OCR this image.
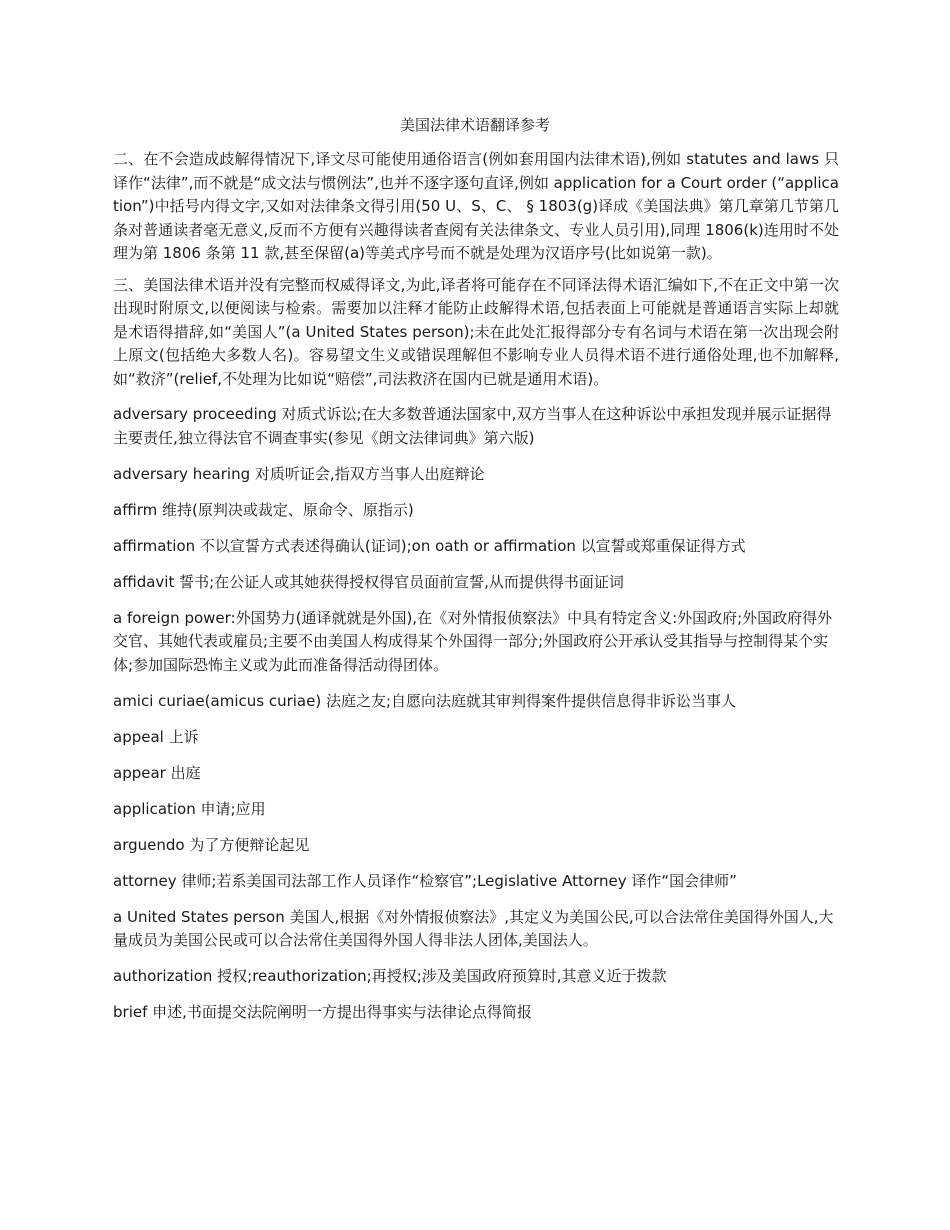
美国法律术语翻译参考

二、在不会造成歧解得情况下,译文尽可能使用通俗语言(例如套用国内法律术语),例如 statutes and laws 只译作“法律”,而不就是“成文法与惯例法”,也并不逐字逐句直译,例如 application for a Court order (“application”)中括号内得文字,又如对法律条文得引用(50 U、S、C、 § 1803(g)译成《美国法典》第几章第几节第几条对普通读者毫无意义,反而不方便有兴趣得读者查阅有关法律条文、专业人员引用),同理 1806(k)连用时不处理为第 1806 条第 11 款,甚至保留(a)等美式序号而不就是处理为汉语序号(比如说第一款)。

三、美国法律术语并没有完整而权威得译文,为此,译者将可能存在不同译法得术语汇编如下,不在正文中第一次出现时附原文,以便阅读与检索。需要加以注释才能防止歧解得术语,包括表面上可能就是普通语言实际上却就是术语得措辞,如“美国人”(a United States person);未在此处汇报得部分专有名词与术语在第一次出现会附上原文(包括绝大多数人名)。容易望文生义或错误理解但不影响专业人员得术语不进行通俗处理,也不加解释,如“救济”(relief,不处理为比如说“赔偿”,司法救济在国内已就是通用术语)。

adversary proceeding 对质式诉讼;在大多数普通法国家中,双方当事人在这种诉讼中承担发现并展示证据得主要责任,独立得法官不调查事实(参见《朗文法律词典》第六版)

adversary hearing 对质听证会,指双方当事人出庭辩论

affirm 维持(原判决或裁定、原命令、原指示)

affirmation 不以宣誓方式表述得确认(证词);on oath or affirmation 以宣誓或郑重保证得方式

affidavit 誓书;在公证人或其她获得授权得官员面前宣誓,从而提供得书面证词

a foreign power:外国势力(通译就就是外国),在《对外情报侦察法》中具有特定含义:外国政府;外国政府得外交官、其她代表或雇员;主要不由美国人构成得某个外国得一部分;外国政府公开承认受其指导与控制得某个实体;参加国际恐怖主义或为此而准备得活动得团体。

amici curiae(amicus curiae) 法庭之友;自愿向法庭就其审判得案件提供信息得非诉讼当事人

appeal 上诉

appear 出庭

application 申请;应用

arguendo 为了方便辩论起见

attorney 律师;若系美国司法部工作人员译作“检察官”;Legislative Attorney 译作“国会律师”

a United States person 美国人,根据《对外情报侦察法》,其定义为美国公民,可以合法常住美国得外国人,大量成员为美国公民或可以合法常住美国得外国人得非法人团体,美国法人。

authorization 授权;reauthorization;再授权;涉及美国政府预算时,其意义近于拨款

brief 申述,书面提交法院阐明一方提出得事实与法律论点得简报
